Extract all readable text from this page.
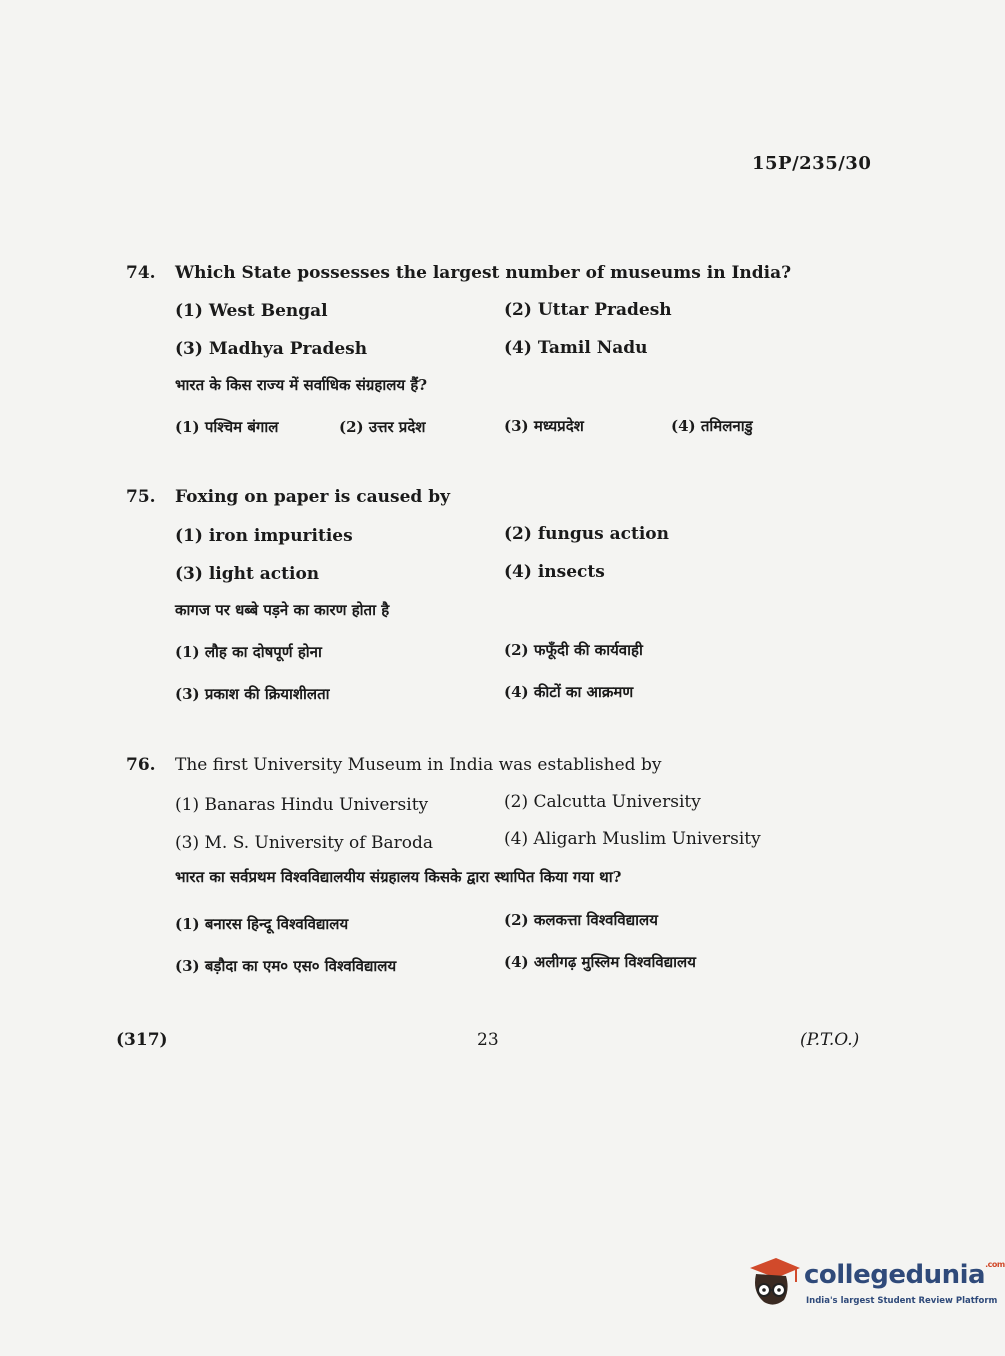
15P/235/30
74. Which State possesses the largest number of museums in India?
(1) West Bengal	(2) Uttar Pradesh
(3) Madhya Pradesh	(4) Tamil Nadu
भारत के किस राज्य में सर्वाधिक संग्रहालय हैं?
(1) पश्चिम बंगाल	(2) उत्तर प्रदेश	(3) मध्यप्रदेश	(4) तमिलनाडु
75. Foxing on paper is caused by
(1) iron impurities	(2) fungus action
(3) light action	(4) insects
कागज पर धब्बे पड़ने का कारण होता है
(1) लौह का दोषपूर्ण होना	(2) फफूँदी की कार्यवाही
(3) प्रकाश की क्रियाशीलता	(4) कीटों का आक्रमण
76. The first University Museum in India was established by
(1) Banaras Hindu University	(2) Calcutta University
(3) M. S. University of Baroda	(4) Aligarh Muslim University
भारत का सर्वप्रथम विश्वविद्यालयीय संग्रहालय किसके द्वारा स्थापित किया गया था?
(1) बनारस हिन्दू विश्वविद्यालय	(2) कलकत्ता विश्वविद्यालय
(3) बड़ौदा का एम० एस० विश्वविद्यालय	(4) अलीगढ़ मुस्लिम विश्वविद्यालय
(317)	23	(P.T.O.)
collegedunia$^{.com}$
India's largest Student Review Platform
